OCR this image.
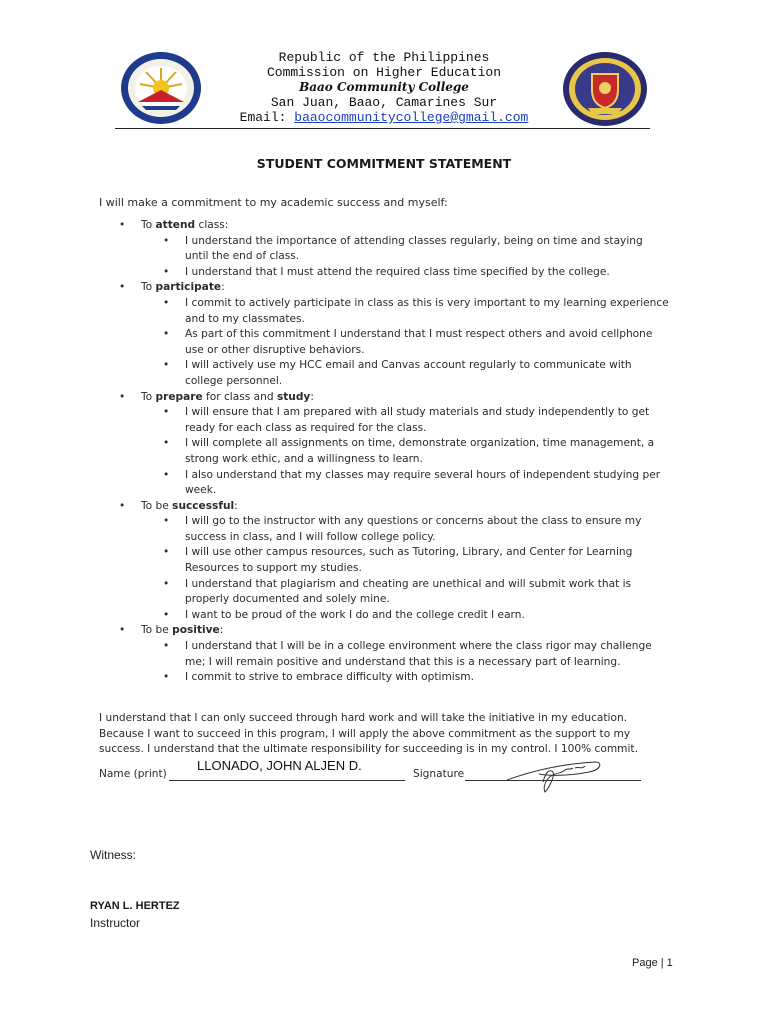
Republic of the Philippines
Commission on Higher Education
Baao Community College
San Juan, Baao, Camarines Sur
Email: baaocommunitycollege@gmail.com
STUDENT COMMITMENT STATEMENT
I will make a commitment to my academic success and myself:
• To attend class:
• I understand the importance of attending classes regularly, being on time and staying until the end of class.
• I understand that I must attend the required class time specified by the college.
• To participate:
• I commit to actively participate in class as this is very important to my learning experience and to my classmates.
• As part of this commitment I understand that I must respect others and avoid cellphone use or other disruptive behaviors.
• I will actively use my HCC email and Canvas account regularly to communicate with college personnel.
• To prepare for class and study:
• I will ensure that I am prepared with all study materials and study independently to get ready for each class as required for the class.
• I will complete all assignments on time, demonstrate organization, time management, a strong work ethic, and a willingness to learn.
• I also understand that my classes may require several hours of independent studying per week.
• To be successful:
• I will go to the instructor with any questions or concerns about the class to ensure my success in class, and I will follow college policy.
• I will use other campus resources, such as Tutoring, Library, and Center for Learning Resources to support my studies.
• I understand that plagiarism and cheating are unethical and will submit work that is properly documented and solely mine.
• I want to be proud of the work I do and the college credit I earn.
• To be positive:
• I understand that I will be in a college environment where the class rigor may challenge me; I will remain positive and understand that this is a necessary part of learning.
• I commit to strive to embrace difficulty with optimism.
I understand that I can only succeed through hard work and will take the initiative in my education. Because I want to succeed in this program, I will apply the above commitment as the support to my success. I understand that the ultimate responsibility for succeeding is in my control. I 100% commit.
Name (print)
LLONADO, JOHN ALJEN D.
Signature
Witness:
RYAN L. HERTEZ
Instructor
Page | 1
